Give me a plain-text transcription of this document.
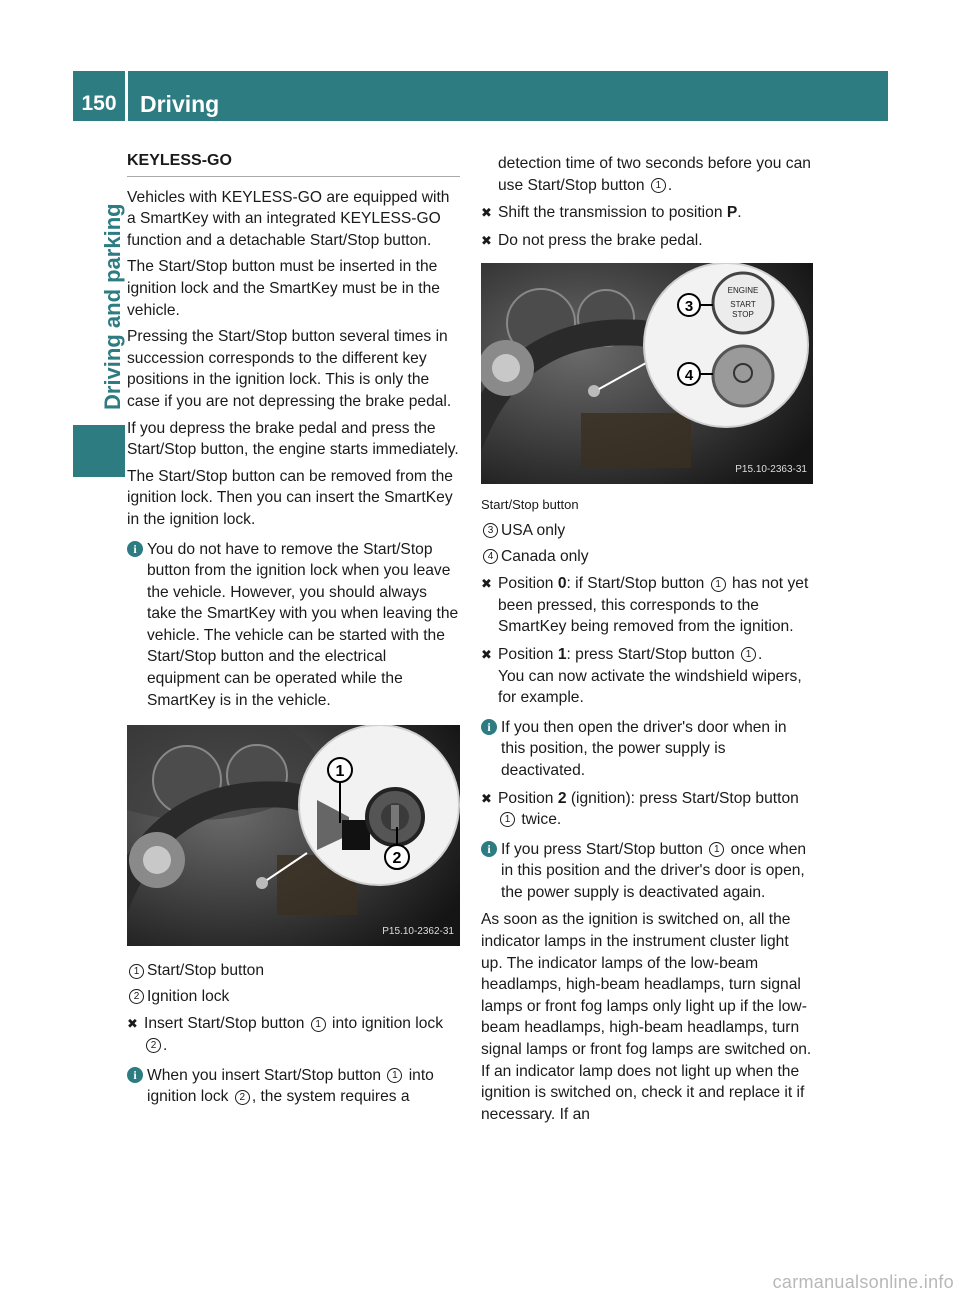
150	Driving
Driving and parking
KEYLESS-GO

Vehicles with KEYLESS-GO are equipped with a SmartKey with an integrated KEYLESS-GO function and a detachable Start/Stop button.

The Start/Stop button must be inserted in the ignition lock and the SmartKey must be in the vehicle.

Pressing the Start/Stop button several times in succession corresponds to the different key positions in the ignition lock. This is only the case if you are not depressing the brake pedal.

If you depress the brake pedal and press the Start/Stop button, the engine starts immediately.

The Start/Stop button can be removed from the ignition lock. Then you can insert the SmartKey in the ignition lock.

i You do not have to remove the Start/Stop button from the ignition lock when you leave the vehicle. However, you should always take the SmartKey with you when leaving the vehicle. The vehicle can be started with the Start/Stop button and the electrical equipment can be operated while the SmartKey is in the vehicle.
1
2
P15.10-2362-31
1 Start/Stop button
2 Ignition lock
✖ Insert Start/Stop button 1 into ignition lock 2 .
i When you insert Start/Stop button 1 into ignition lock 2 , the system requires a

detection time of two seconds before you can use Start/Stop button 1 .

✖ Shift the transmission to position P.
✖ Do not press the brake pedal.
ENGINE
START
STOP
3
4
P15.10-2363-31
Start/Stop button
3 USA only
4 Canada only
✖ Position 0: if Start/Stop button 1 has not yet been pressed, this corresponds to the SmartKey being removed from the ignition.
✖ Position 1: press Start/Stop button 1 .
You can now activate the windshield wipers, for example.
i If you then open the driver's door when in this position, the power supply is deactivated.
✖ Position 2 (ignition): press Start/Stop button 1 twice.
i If you press Start/Stop button 1 once when in this position and the driver's door is open, the power supply is deactivated again.

As soon as the ignition is switched on, all the indicator lamps in the instrument cluster light up. The indicator lamps of the low-beam headlamps, high-beam headlamps, turn signal lamps or front fog lamps only light up if the low-beam headlamps, high-beam headlamps, turn signal lamps or front fog lamps are switched on. If an indicator lamp does not light up when the ignition is switched on, check it and replace it if necessary. If an

carmanualsonline.info
